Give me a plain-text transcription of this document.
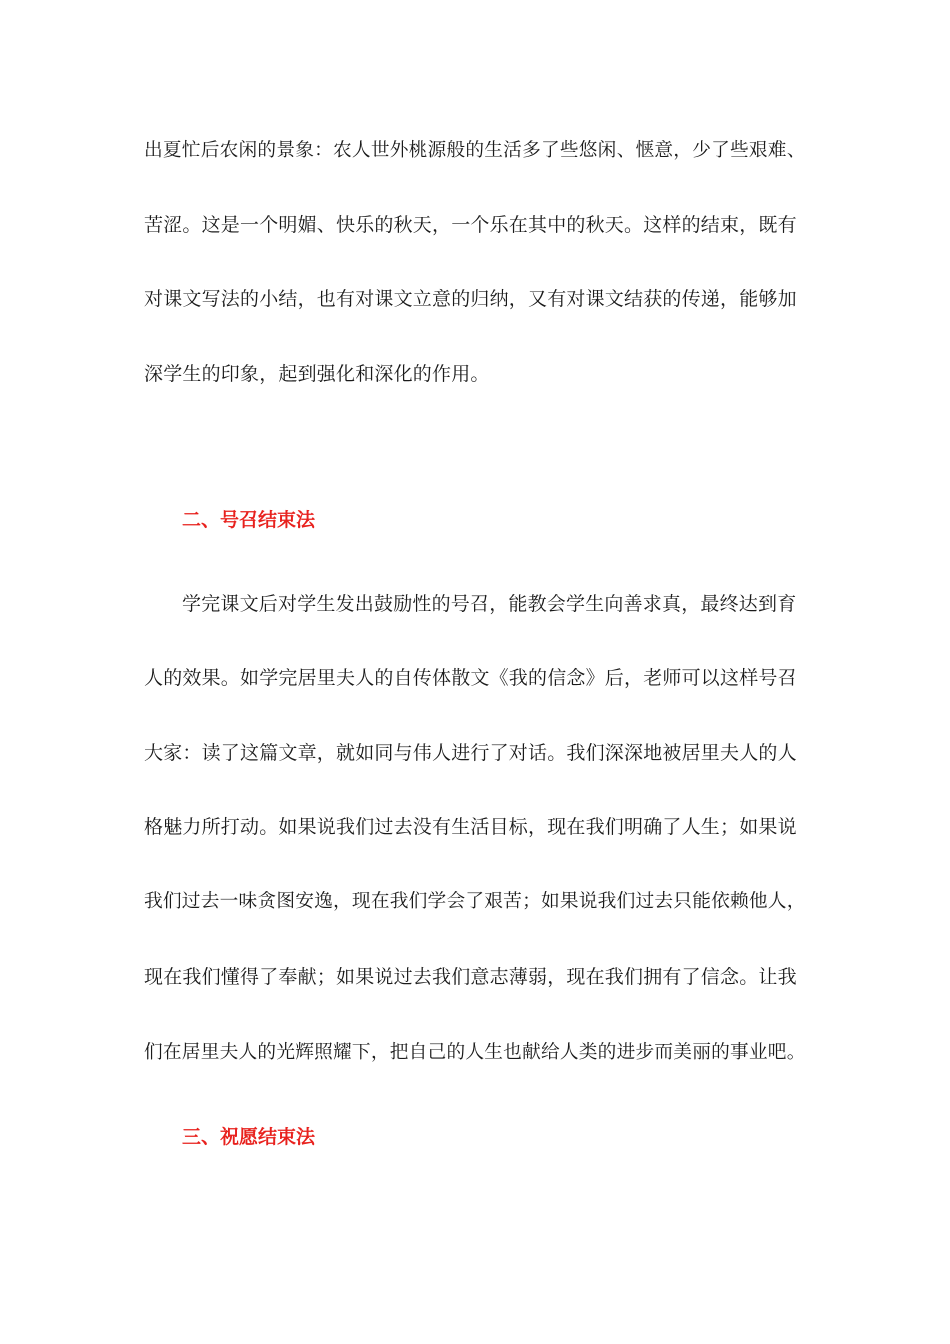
出夏忙后农闲的景象：农人世外桃源般的生活多了些悠闲、惬意，少了些艰难、
苦涩。这是一个明媚、快乐的秋天，一个乐在其中的秋天。这样的结束，既有
对课文写法的小结，也有对课文立意的归纳，又有对课文结获的传递，能够加
深学生的印象，起到强化和深化的作用。
二、号召结束法
学完课文后对学生发出鼓励性的号召，能教会学生向善求真，最终达到育
人的效果。如学完居里夫人的自传体散文《我的信念》后，老师可以这样号召
大家：读了这篇文章，就如同与伟人进行了对话。我们深深地被居里夫人的人
格魅力所打动。如果说我们过去没有生活目标，现在我们明确了人生；如果说
我们过去一味贪图安逸，现在我们学会了艰苦；如果说我们过去只能依赖他人，
现在我们懂得了奉献；如果说过去我们意志薄弱，现在我们拥有了信念。让我
们在居里夫人的光辉照耀下，把自己的人生也献给人类的进步而美丽的事业吧。
三、祝愿结束法
